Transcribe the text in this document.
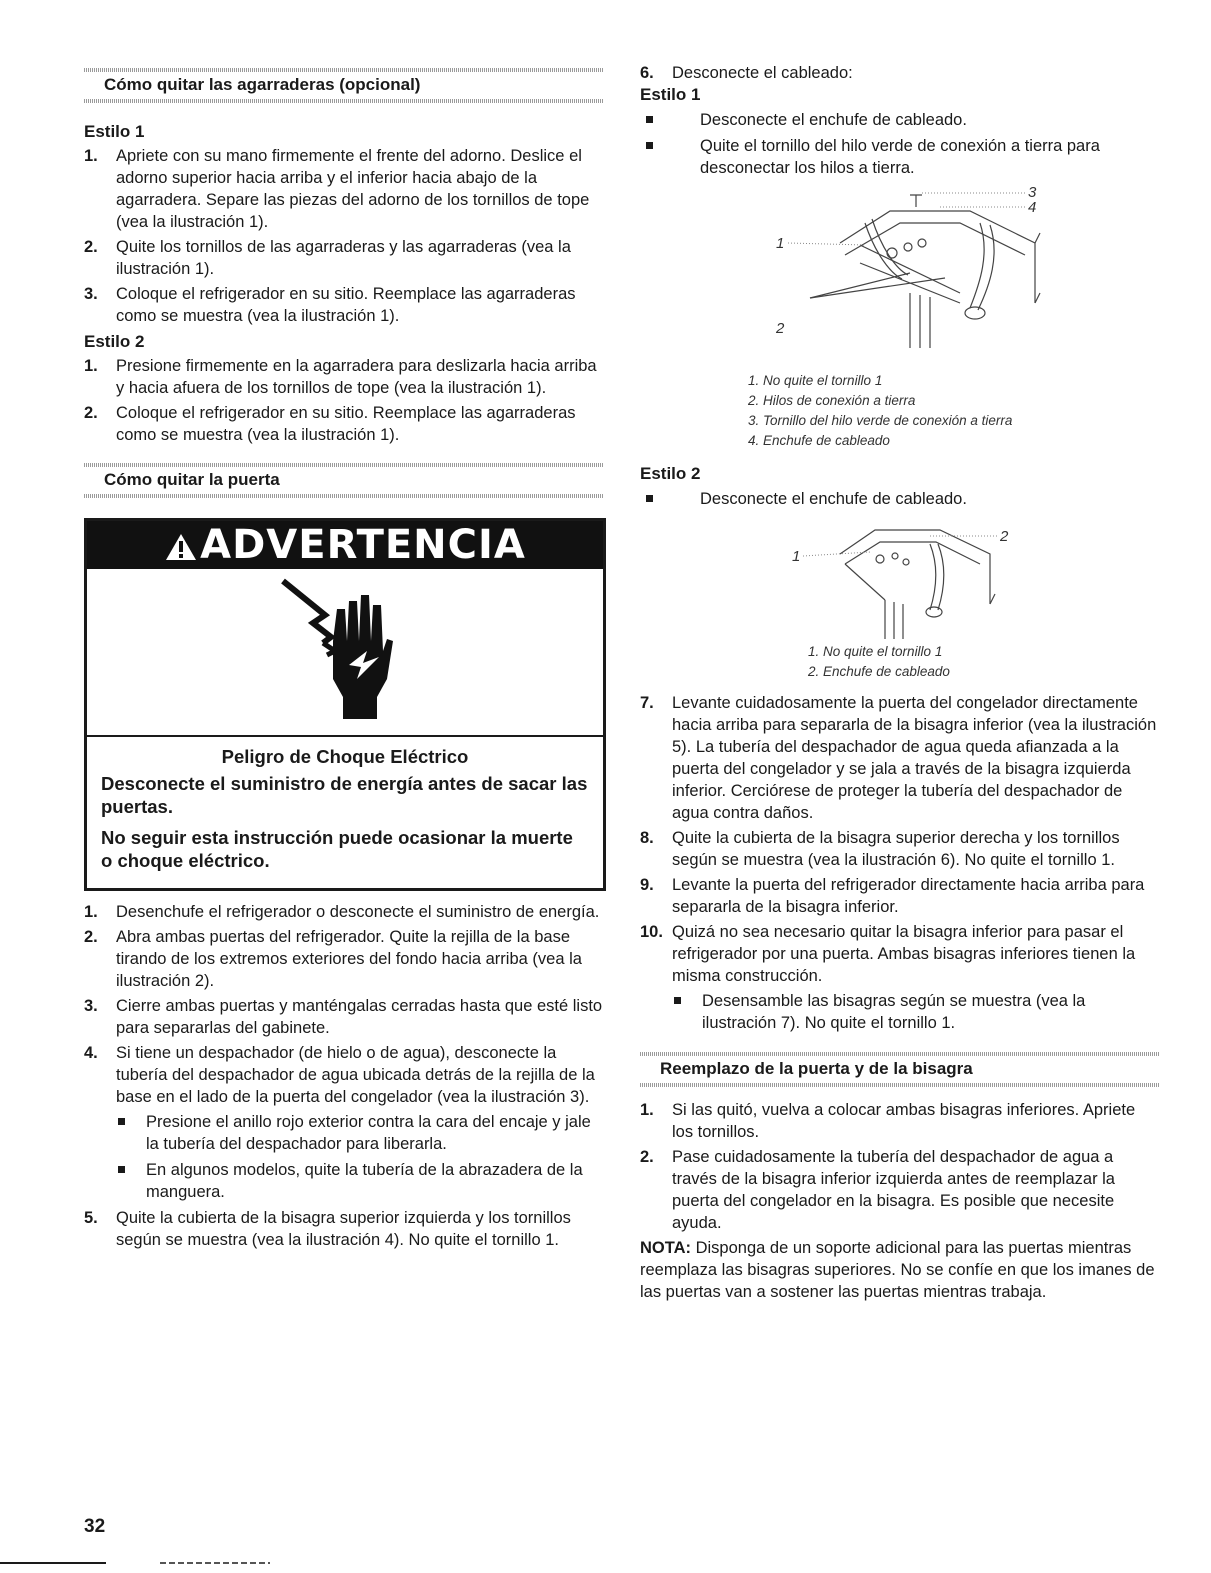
Cómo quitar las agarraderas (opcional)
Estilo 1
1.	Apriete con su mano firmemente el frente del adorno. Deslice el adorno superior hacia arriba y el inferior hacia abajo de la agarradera. Separe las piezas del adorno de los tornillos de tope (vea la ilustración 1).
2.	Quite los tornillos de las agarraderas y las agarraderas (vea la ilustración 1).
3.	Coloque el refrigerador en su sitio. Reemplace las agarraderas como se muestra (vea la ilustración 1).
Estilo 2
1.	Presione firmemente en la agarradera para deslizarla hacia arriba y hacia afuera de los tornillos de tope (vea la ilustración 1).
2.	Coloque el refrigerador en su sitio. Reemplace las agarraderas como se muestra (vea la ilustración 1).
Cómo quitar la puerta
ADVERTENCIA
Peligro de Choque Eléctrico

Desconecte el suministro de energía antes de sacar las puertas.

No seguir esta instrucción puede ocasionar la muerte o choque eléctrico.

1.	Desenchufe el refrigerador o desconecte el suministro de energía.
2.	Abra ambas puertas del refrigerador. Quite la rejilla de la base tirando de los extremos exteriores del fondo hacia arriba (vea la ilustración 2).
3.	Cierre ambas puertas y manténgalas cerradas hasta que esté listo para separarlas del gabinete.
4.	Si tiene un despachador (de hielo o de agua), desconecte la tubería del despachador de agua ubicada detrás de la rejilla de la base en el lado de la puerta del congelador (vea la ilustración 3).
Presione el anillo rojo exterior contra la cara del encaje y jale la tubería del despachador para liberarla.
En algunos modelos, quite la tubería de la abrazadera de la manguera.
5.	Quite la cubierta de la bisagra superior izquierda y los tornillos según se muestra (vea la ilustración 4). No quite el tornillo 1.
6.	Desconecte el cableado:
Estilo 1
Desconecte el enchufe de cableado.
Quite el tornillo del hilo verde de conexión a tierra para desconectar los hilos a tierra.
3
4
1
2
1. No quite el tornillo 1
2. Hilos de conexión a tierra
3. Tornillo del hilo verde de conexión a tierra
4. Enchufe de cableado
Estilo 2
Desconecte el enchufe de cableado.
1
2
1. No quite el tornillo 1
2. Enchufe de cableado
7.	Levante cuidadosamente la puerta del congelador directamente hacia arriba para separarla de la bisagra inferior (vea la ilustración 5). La tubería del despachador de agua queda afianzada a la puerta del congelador y se jala a través de la bisagra izquierda inferior. Cerciórese de proteger la tubería del despachador de agua contra daños.
8.	Quite la cubierta de la bisagra superior derecha y los tornillos según se muestra (vea la ilustración 6). No quite el tornillo 1.
9.	Levante la puerta del refrigerador directamente hacia arriba para separarla de la bisagra inferior.
10. Quizá no sea necesario quitar la bisagra inferior para pasar el refrigerador por una puerta. Ambas bisagras inferiores tienen la misma construcción.
Desensamble las bisagras según se muestra (vea la ilustración 7). No quite el tornillo 1.
Reemplazo de la puerta y de la bisagra
1.	Si las quitó, vuelva a colocar ambas bisagras inferiores. Apriete los tornillos.
2.	Pase cuidadosamente la tubería del despachador de agua a través de la bisagra inferior izquierda antes de reemplazar la puerta del congelador en la bisagra. Es posible que necesite ayuda.
NOTA: Disponga de un soporte adicional para las puertas mientras reemplaza las bisagras superiores. No se confíe en que los imanes de las puertas van a sostener las puertas mientras trabaja.
32
